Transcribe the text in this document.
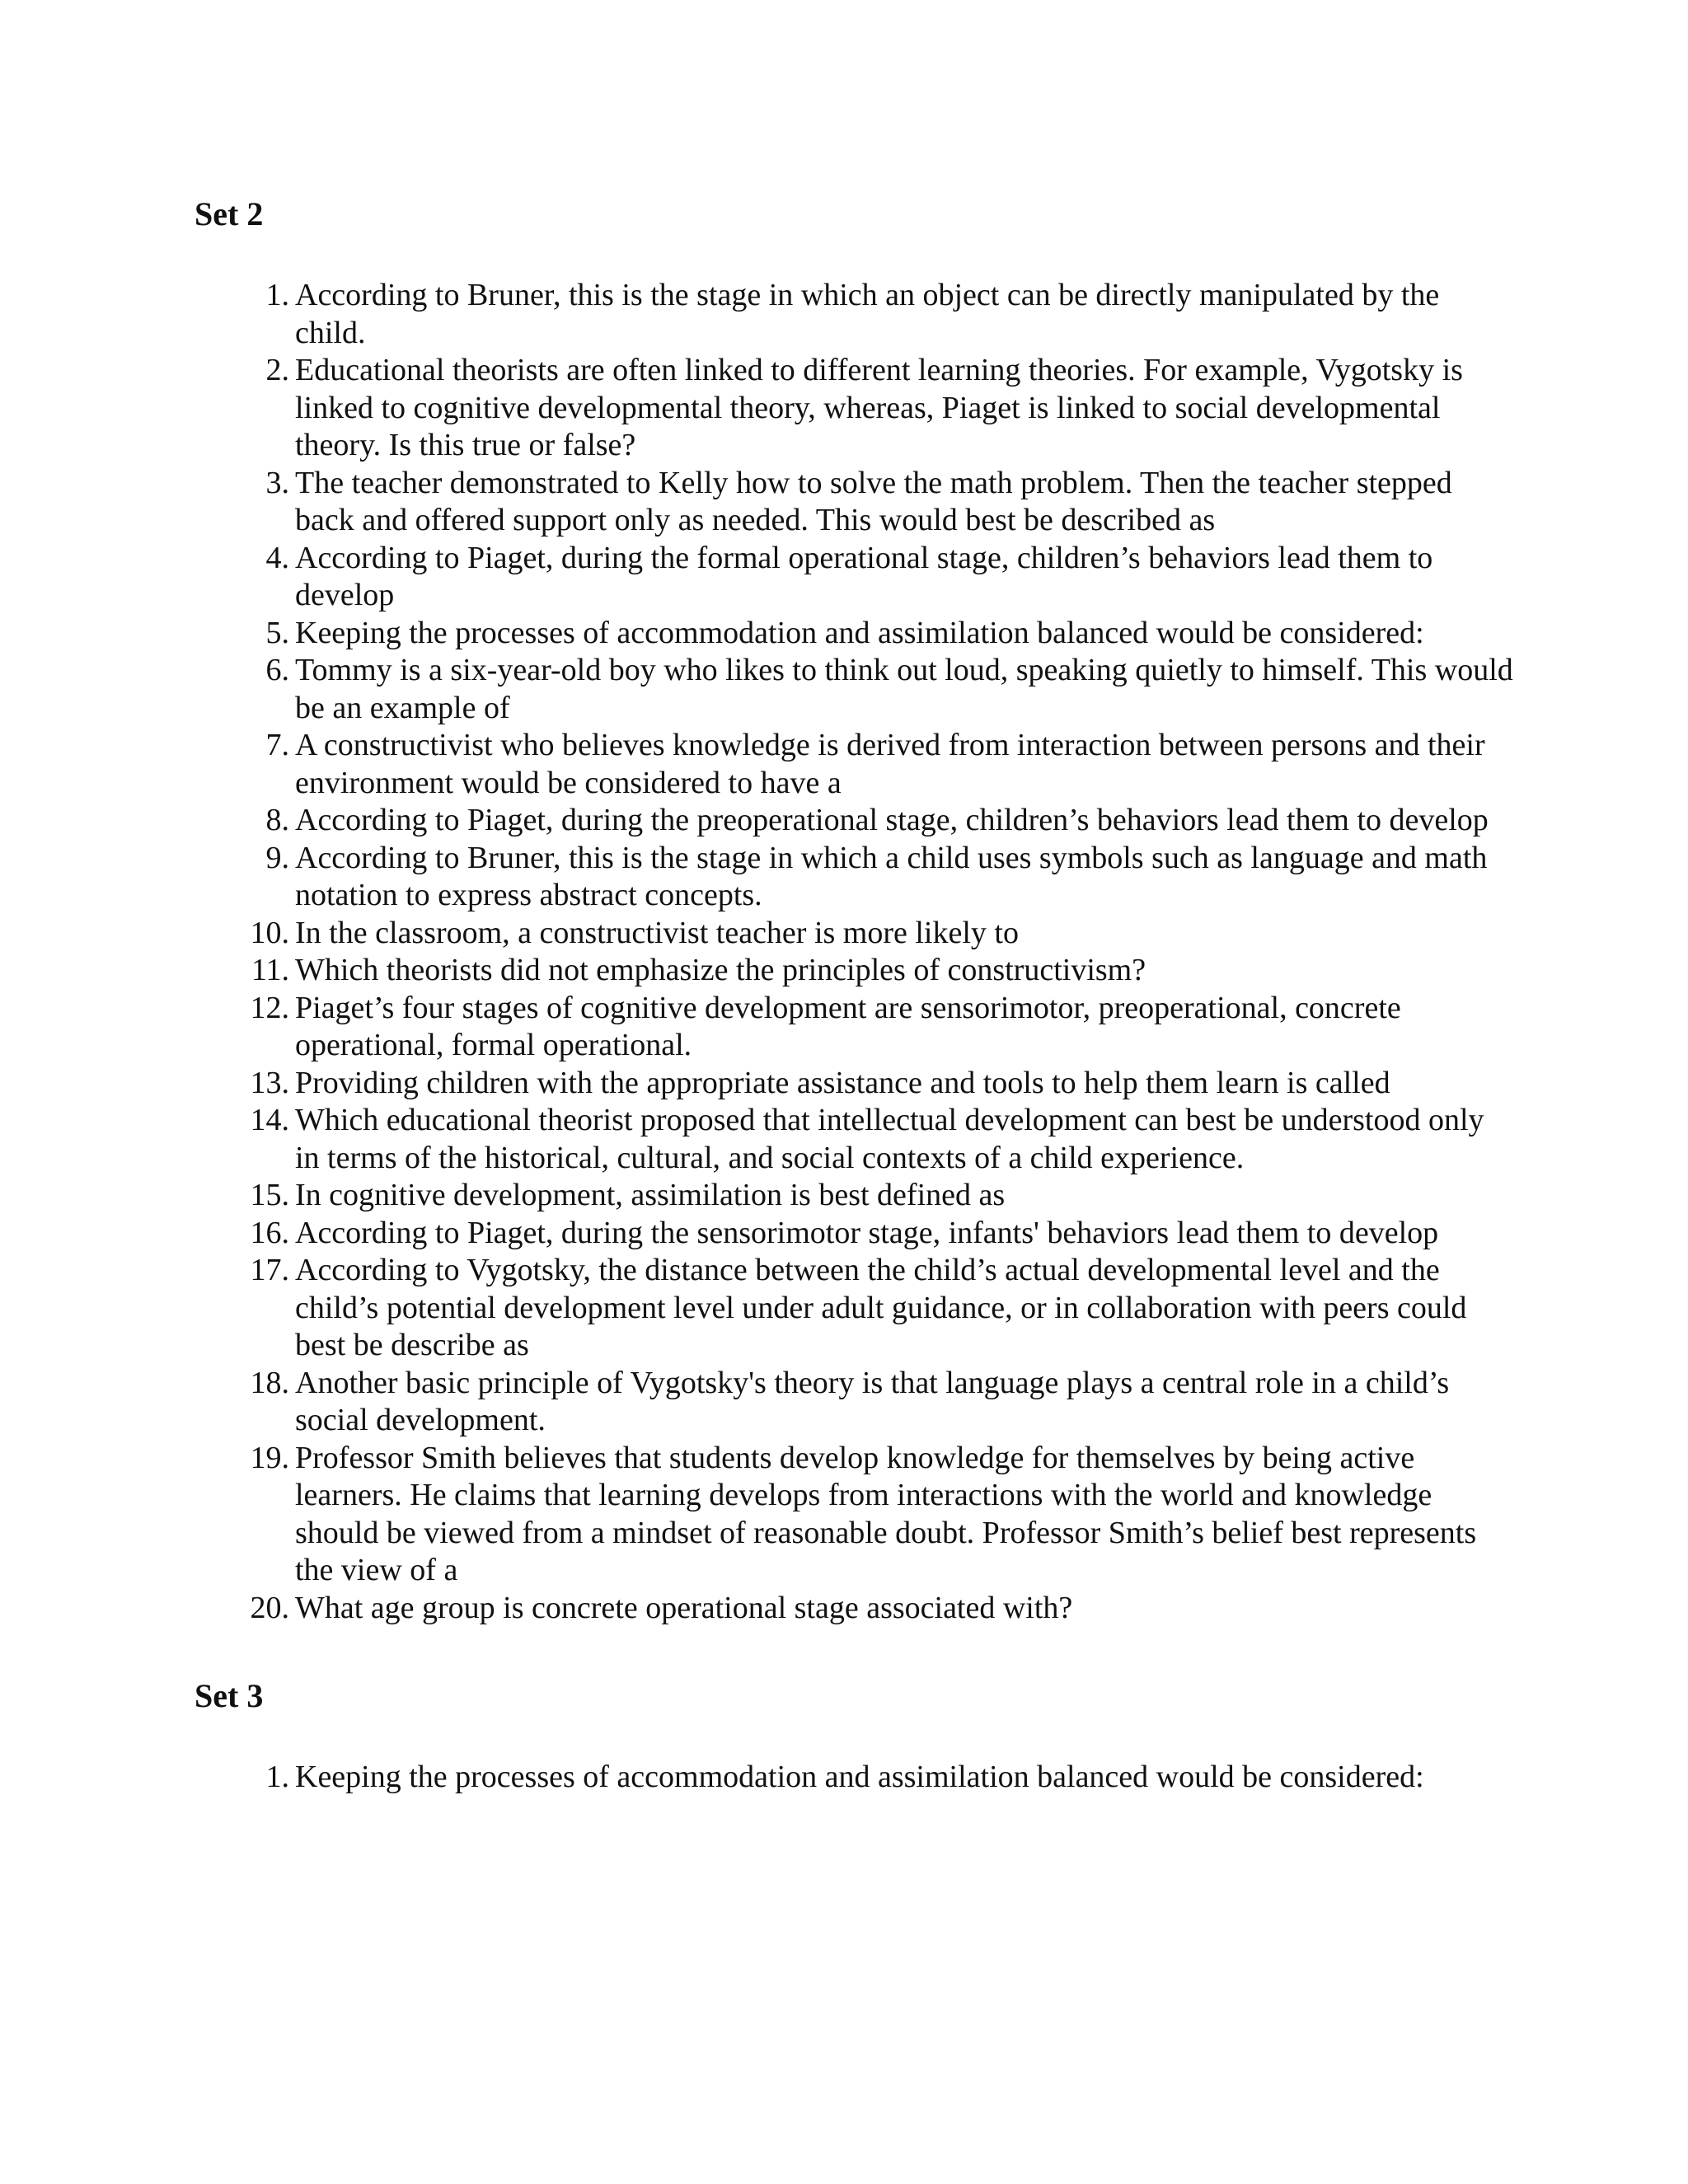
Set 2
1. According to Bruner, this is the stage in which an object can be directly manipulated by the child.
2. Educational theorists are often linked to different learning theories. For example, Vygotsky is linked to cognitive developmental theory, whereas, Piaget is linked to social developmental theory. Is this true or false?
3. The teacher demonstrated to Kelly how to solve the math problem. Then the teacher stepped back and offered support only as needed. This would best be described as
4. According to Piaget, during the formal operational stage, children’s behaviors lead them to develop
5. Keeping the processes of accommodation and assimilation balanced would be considered:
6. Tommy is a six-year-old boy who likes to think out loud, speaking quietly to himself. This would be an example of
7. A constructivist who believes knowledge is derived from interaction between persons and their environment would be considered to have a
8. According to Piaget, during the preoperational stage, children’s behaviors lead them to develop
9. According to Bruner, this is the stage in which a child uses symbols such as language and math notation to express abstract concepts.
10. In the classroom, a constructivist teacher is more likely to
11. Which theorists did not emphasize the principles of constructivism?
12. Piaget’s four stages of cognitive development are sensorimotor, preoperational, concrete operational, formal operational.
13. Providing children with the appropriate assistance and tools to help them learn is called
14. Which educational theorist proposed that intellectual development can best be understood only in terms of the historical, cultural, and social contexts of a child experience.
15. In cognitive development, assimilation is best defined as
16. According to Piaget, during the sensorimotor stage, infants' behaviors lead them to develop
17. According to Vygotsky, the distance between the child’s actual developmental level and the child’s potential development level under adult guidance, or in collaboration with peers could best be describe as
18. Another basic principle of Vygotsky's theory is that language plays a central role in a child’s social development.
19. Professor Smith believes that students develop knowledge for themselves by being active learners. He claims that learning develops from interactions with the world and knowledge should be viewed from a mindset of reasonable doubt. Professor Smith’s belief best represents the view of a
20. What age group is concrete operational stage associated with?
Set 3
1. Keeping the processes of accommodation and assimilation balanced would be considered:
